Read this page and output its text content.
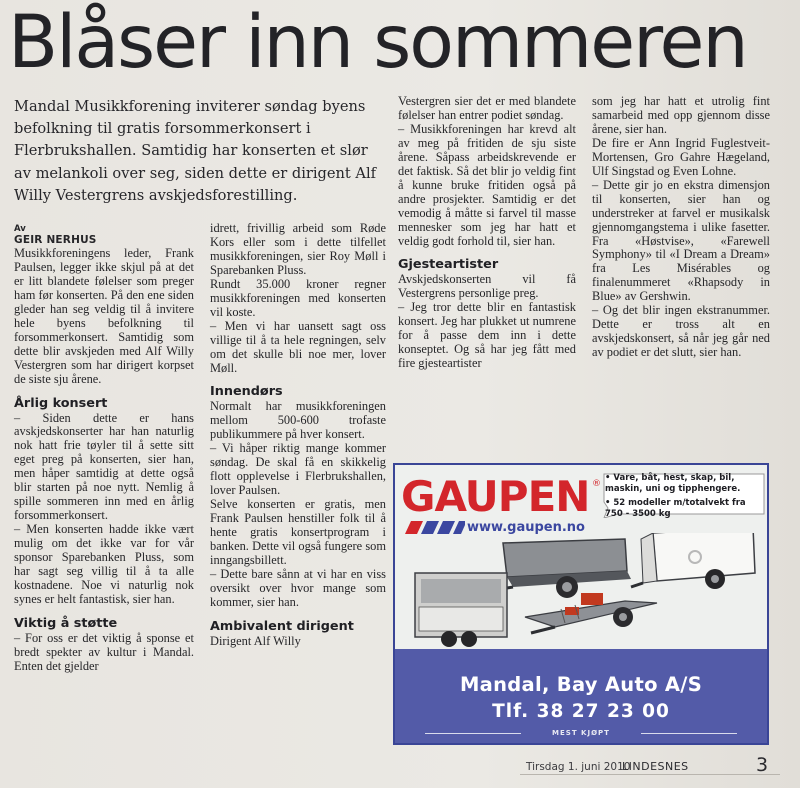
Blåser inn sommeren
Mandal Musikkforening inviterer søndag byens befolkning til gratis forsommerkonsert i Flerbrukshallen. Samtidig har konserten et slør av melankoli over seg, siden dette er dirigent Alf Willy Vestergrens avskjedsforestilling.
Av
GEIR NERHUS

Musikkforeningens leder, Frank Paulsen, legger ikke skjul på at det er litt blandete følelser som preger ham før konserten. På den ene siden gleder han seg veldig til å invitere hele byens befolkning til forsommerkonsert. Samtidig som dette blir avskjeden med Alf Willy Vestergren som har dirigert korpset de siste sju årene.

Årlig konsert

– Siden dette er hans avskjedskonserter har han naturlig nok hatt frie tøyler til å sette sitt eget preg på konserten, sier han, men håper samtidig at dette også blir starten på noe nytt. Nemlig å spille sommeren inn med en årlig forsommerkonsert.

– Men konserten hadde ikke vært mulig om det ikke var for vår sponsor Sparebanken Pluss, som har sagt seg villig til å ta alle kostnadene. Noe vi naturlig nok synes er helt fantastisk, sier han.

Viktig å støtte

– For oss er det viktig å sponse et bredt spekter av kultur i Mandal. Enten det gjelder

idrett, frivillig arbeid som Røde Kors eller som i dette tilfellet musikkforeningen, sier Roy Møll i Sparebanken Pluss.

Rundt 35.000 kroner regner musikkforeningen med konserten vil koste.

– Men vi har uansett sagt oss villige til å ta hele regningen, selv om det skulle bli noe mer, lover Møll.

Innendørs

Normalt har musikkforeningen mellom 500-600 trofaste publikummere på hver konsert.

– Vi håper riktig mange kommer søndag. De skal få en skikkelig flott opplevelse i Flerbrukshallen, lover Paulsen.

Selve konserten er gratis, men Frank Paulsen henstiller folk til å hente gratis konsertprogram i banken. Dette vil også fungere som inngangsbillett.

– Dette bare sånn at vi har en viss oversikt over hvor mange som kommer, sier han.

Ambivalent dirigent

Dirigent Alf Willy

Vestergren sier det er med blandete følelser han entrer podiet søndag.

– Musikkforeningen har krevd alt av meg på fritiden de sju siste årene. Såpass arbeidskrevende er det faktisk. Så det blir jo veldig fint å kunne bruke fritiden også på andre prosjekter. Samtidig er det vemodig å måtte si farvel til masse mennesker som jeg har hatt et veldig godt forhold til, sier han.

Gjesteartister

Avskjedskonserten vil få Vestergrens personlige preg.

– Jeg tror dette blir en fantastisk konsert. Jeg har plukket ut numrene for å passe dem inn i dette konseptet. Og så har jeg fått med fire gjesteartister

som jeg har hatt et utrolig fint samarbeid med opp gjennom disse årene, sier han.

De fire er Ann Ingrid Fuglestveit-Mortensen, Gro Gahre Hægeland, Ulf Singstad og Even Lohne.

– Dette gir jo en ekstra dimensjon til konserten, sier han og understreker at farvel er musikalsk gjennomgangstema i ulike fasetter. Fra «Høstvise», «Farewell Symphony» til «I Dream a Dream» fra Les Misérables og finalenummeret «Rhapsody in Blue» av Gershwin.

– Og det blir ingen ekstranummer. Dette er tross alt en avskjedskonsert, så når jeg går ned av podiet er det slutt, sier han.

GAUPEN ®
www.gaupen.no
• Vare, båt, hest, skap, bil, maskin, uni og tipphengere.
• 52 modeller m/totalvekt fra 750 - 3500 kg
Mandal, Bay Auto A/S
Tlf. 38 27 23 00
MEST KJØPT
Tirsdag 1. juni 2010
LINDESNES	3
